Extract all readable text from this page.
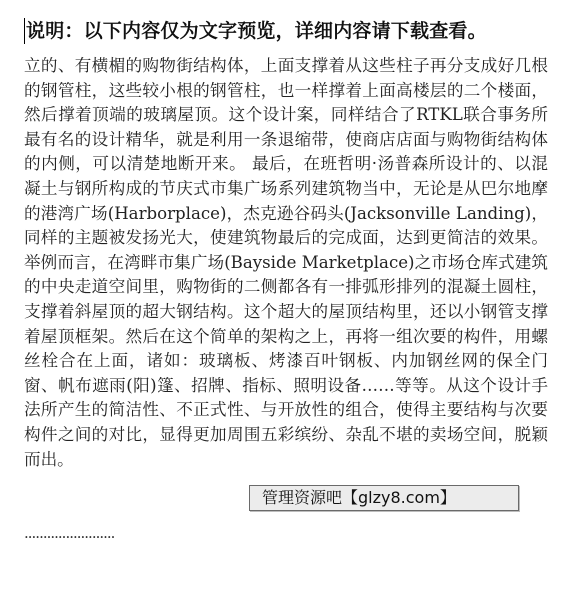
说明：以下内容仅为文字预览，详细内容请下载查看。

立的、有横楣的购物街结构体，上面支撑着从这些柱子再分支成好几根的钢管柱，这些较小根的钢管柱，也一样撑着上面高楼层的二个楼面，然后撑着顶端的玻璃屋顶。这个设计案，同样结合了RTKL联合事务所最有名的设计精华，就是利用一条退缩带，使商店店面与购物街结构体的内侧，可以清楚地断开来。 最后，在班哲明·汤普森所设计的、以混凝土与钢所构成的节庆式市集广场系列建筑物当中，无论是从巴尔地摩的港湾广场(Harborplace)，杰克逊谷码头(Jacksonville Landing)，同样的主题被发扬光大，使建筑物最后的完成面，达到更简洁的效果。举例而言，在湾畔市集广场(Bayside Marketplace)之市场仓库式建筑的中央走道空间里，购物街的二侧都各有一排弧形排列的混凝土圆柱，支撑着斜屋顶的超大钢结构。这个超大的屋顶结构里，还以小钢管支撑着屋顶框架。然后在这个简单的架构之上，再将一组次要的构件，用螺丝栓合在上面，诸如：玻璃板、烤漆百叶钢板、内加钢丝网的保全门窗、帆布遮雨(阳)篷、招牌、指标、照明设备……等等。从这个设计手法所产生的简洁性、不正式性、与开放性的组合，使得主要结构与次要构件之间的对比，显得更加周围五彩缤纷、杂乱不堪的卖场空间，脱颖而出。

························
管理资源吧【glzy8.com】
